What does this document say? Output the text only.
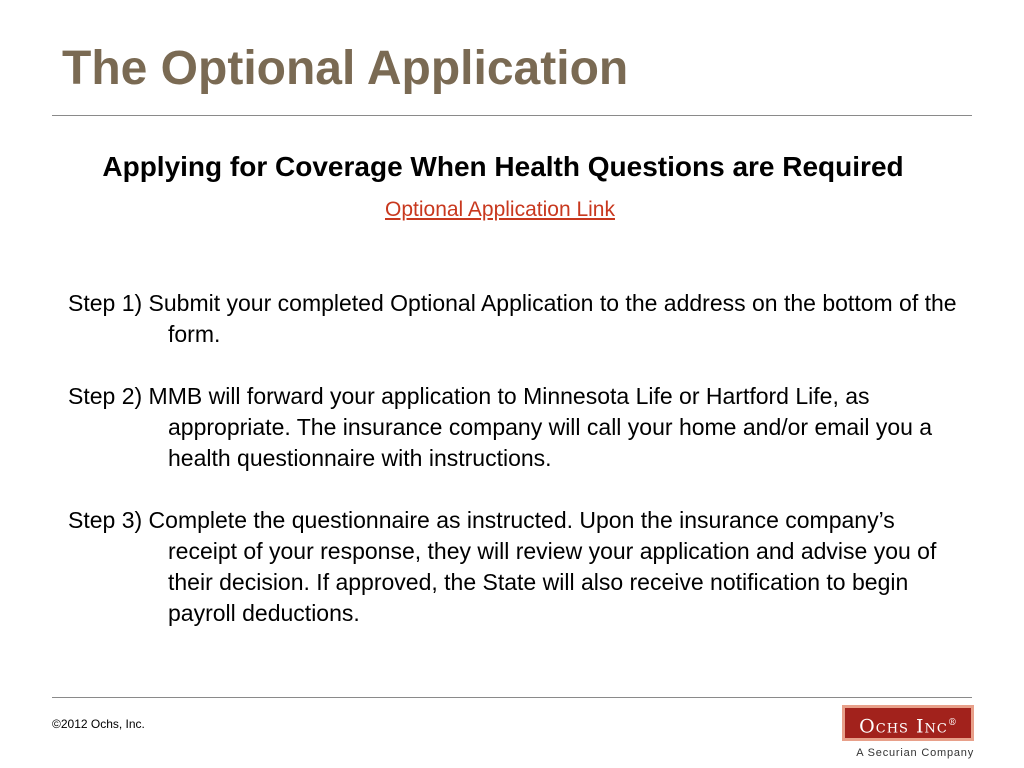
The Optional Application
Applying for Coverage When Health Questions are Required
Optional Application Link

Step 1) Submit your completed Optional Application to the address on the bottom of the form.

Step 2) MMB will forward your application to Minnesota Life or Hartford Life, as appropriate. The insurance company will call your home and/or email you a health questionnaire with instructions.

Step 3) Complete the questionnaire as instructed. Upon the insurance company’s receipt of your response, they will review your application and advise you of their decision. If approved, the State will also receive notification to begin payroll deductions.

©2012 Ochs, Inc.	Ochs Inc®
A Securian Company
